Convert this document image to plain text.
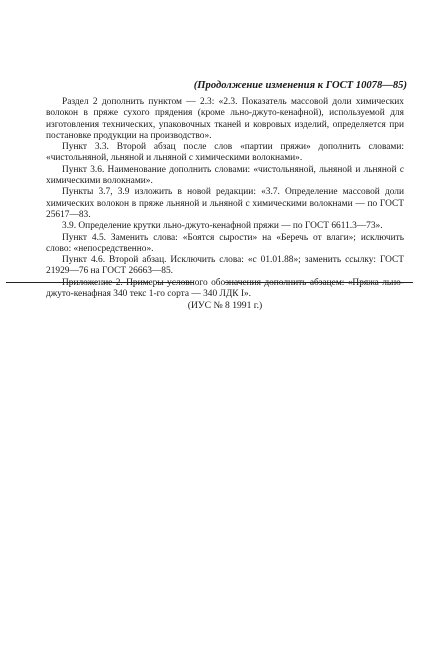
(Продолжение изменения к ГОСТ 10078—85)

Раздел 2 дополнить пунктом — 2.3: «2.3. Показатель массовой доли химических волокон в пряже сухого прядения (кроме льно-джуто-кенафной), используемой для изготовления технических, упаковочных тканей и ковровых изделий, определяется при постановке продукции на производство».

Пункт 3.3. Второй абзац после слов «партии пряжи» дополнить словами: «чистольняной, льняной и льняной с химическими волокнами».

Пункт 3.6. Наименование дополнить словами: «чистольняной, льняной и льняной с химическими волокнами».

Пункты 3.7, 3.9 изложить в новой редакции: «3.7. Определение массовой доли химических волокон в пряже льняной и льняной с химическими волокнами — по ГОСТ 25617—83.

3.9. Определение крутки льно-джуто-кенафной пряжи — по ГОСТ 6611.3—73».

Пункт 4.5. Заменить слова: «Боятся сырости» на «Беречь от влаги»; исключить слово: «непосредственно».

Пункт 4.6. Второй абзац. Исключить слова: «с 01.01.88»; заменить ссылку: ГОСТ 21929—76 на ГОСТ 26663—85.

Приложение 2. Примеры условного обозначения дополнить абзацем: «Пряжа льно-джуто-кенафная 340 текс 1-го сорта — 340 ЛДК I».

(ИУС № 8 1991 г.)
